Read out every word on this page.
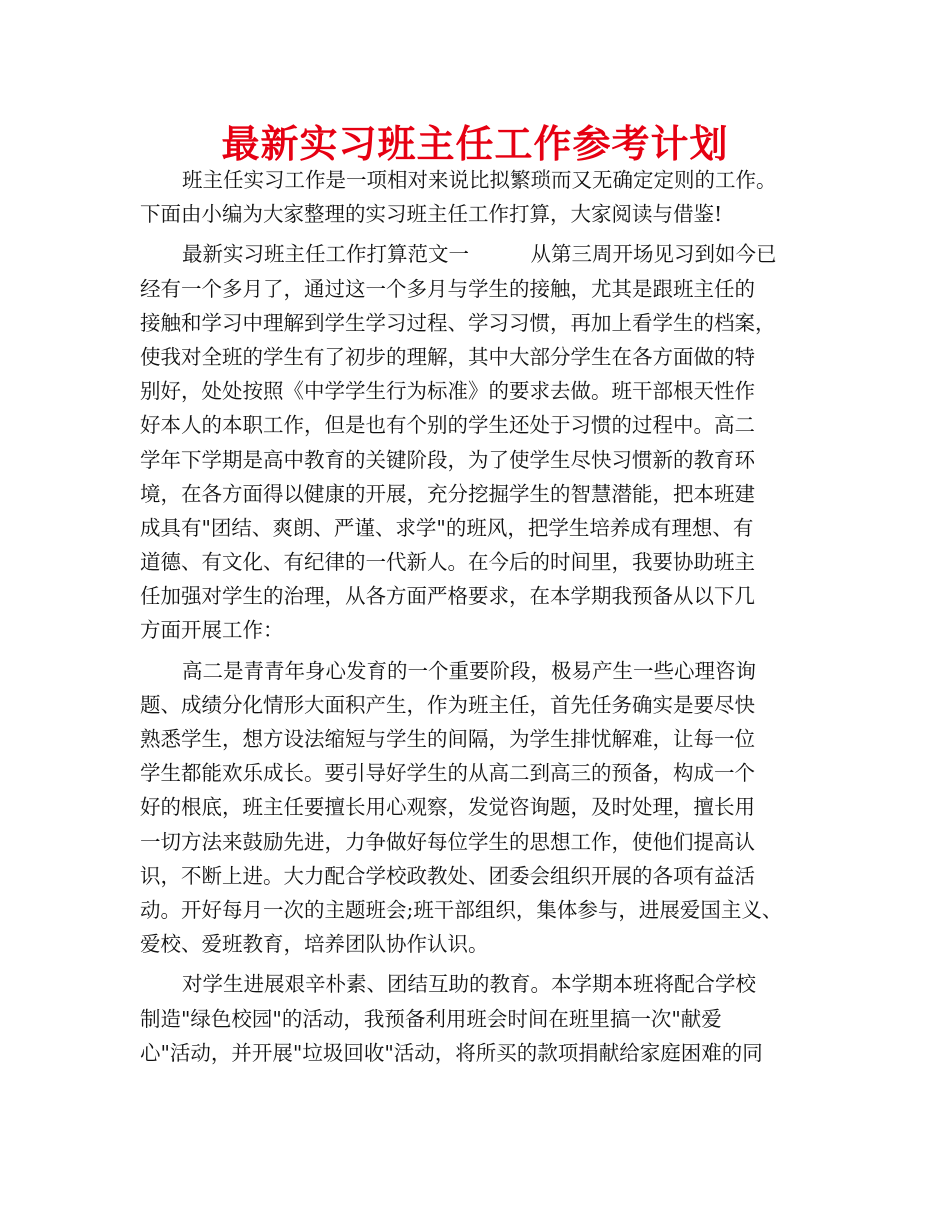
最新实习班主任工作参考计划
班主任实习工作是一项相对来说比拟繁琐而又无确定定则的工作。
下面由小编为大家整理的实习班主任工作打算，大家阅读与借鉴!
最新实习班主任工作打算范文一　　　从第三周开场见习到如今已
经有一个多月了，通过这一个多月与学生的接触，尤其是跟班主任的
接触和学习中理解到学生学习过程、学习习惯，再加上看学生的档案，
使我对全班的学生有了初步的理解，其中大部分学生在各方面做的特
别好，处处按照《中学学生行为标准》的要求去做。班干部根天性作
好本人的本职工作，但是也有个别的学生还处于习惯的过程中。高二
学年下学期是高中教育的关键阶段，为了使学生尽快习惯新的教育环
境，在各方面得以健康的开展，充分挖掘学生的智慧潜能，把本班建
成具有"团结、爽朗、严谨、求学"的班风，把学生培养成有理想、有
道德、有文化、有纪律的一代新人。在今后的时间里，我要协助班主
任加强对学生的治理，从各方面严格要求，在本学期我预备从以下几
方面开展工作：
高二是青青年身心发育的一个重要阶段，极易产生一些心理咨询
题、成绩分化情形大面积产生，作为班主任，首先任务确实是要尽快
熟悉学生，想方设法缩短与学生的间隔，为学生排忧解难，让每一位
学生都能欢乐成长。要引导好学生的从高二到高三的预备，构成一个
好的根底，班主任要擅长用心观察，发觉咨询题，及时处理，擅长用
一切方法来鼓励先进，力争做好每位学生的思想工作，使他们提高认
识，不断上进。大力配合学校政教处、团委会组织开展的各项有益活
动。开好每月一次的主题班会;班干部组织，集体参与，进展爱国主义、
爱校、爱班教育，培养团队协作认识。
对学生进展艰辛朴素、团结互助的教育。本学期本班将配合学校
制造"绿色校园"的活动，我预备利用班会时间在班里搞一次"献爱
心"活动，并开展"垃圾回收"活动，将所买的款项捐献给家庭困难的同
